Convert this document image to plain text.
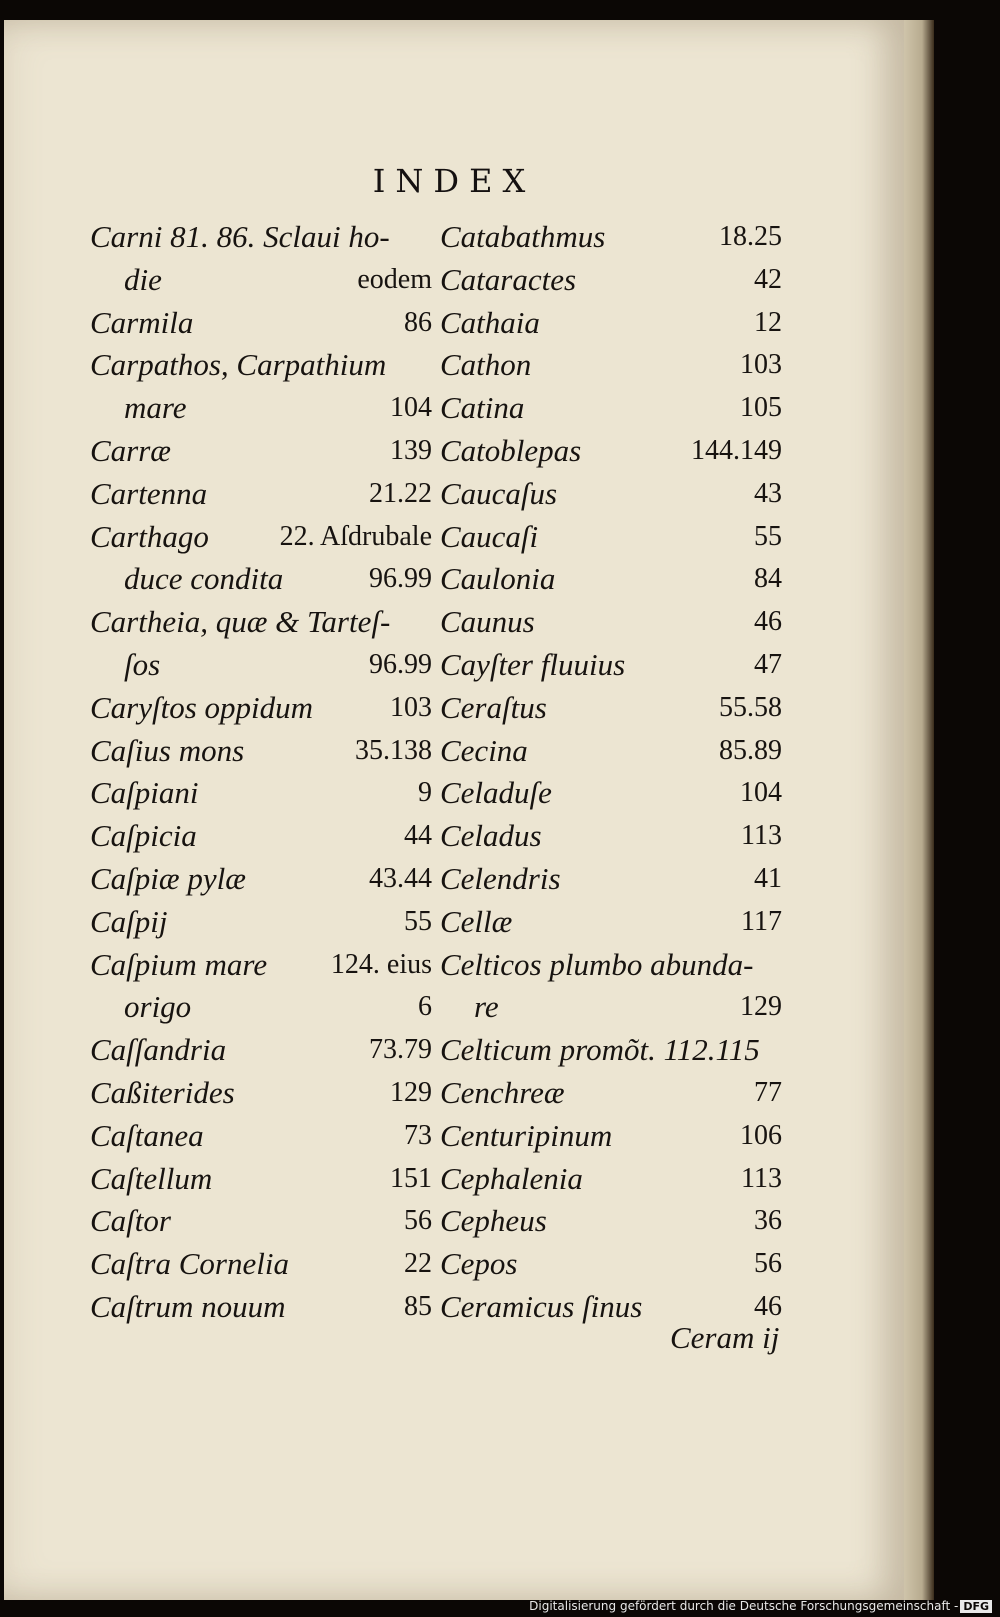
INDEX
Carni 81. 86. Sclaui ho-
die	eodem
Carmila	86
Carpathos, Carpathium
mare	104
Carræ	139
Cartenna	21.22
Carthago	22. Aſdrubale
duce condita	96.99
Cartheia, quæ & Tarteſ-
ſos	96.99
Caryſtos oppidum	103
Caſius mons	35.138
Caſpiani	9
Caſpicia	44
Caſpiæ pylæ	43.44
Caſpij	55
Caſpium mare 124. eius
origo	6
Caſſandria	73.79
Caßiterides	129
Caſtanea	73
Caſtellum	151
Caſtor	56
Caſtra Cornelia	22
Caſtrum nouum	85
Catabathmus	18.25
Cataractes	42
Cathaia	12
Cathon	103
Catina	105
Catoblepas	144.149
Caucaſus	43
Caucaſi	55
Caulonia	84
Caunus	46
Cayſter fluuius	47
Ceraſtus	55.58
Cecina	85.89
Celaduſe	104
Celadus	113
Celendris	41
Cellæ	117
Celticos plumbo abunda-
re	129
Celticum promõt. 112.115
Cenchreæ	77
Centuripinum	106
Cephalenia	113
Cepheus	36
Cepos	56
Ceramicus ſinus	46
Ceram ij
Digitalisierung gefördert durch die Deutsche Forschungsgemeinschaft - DFG
